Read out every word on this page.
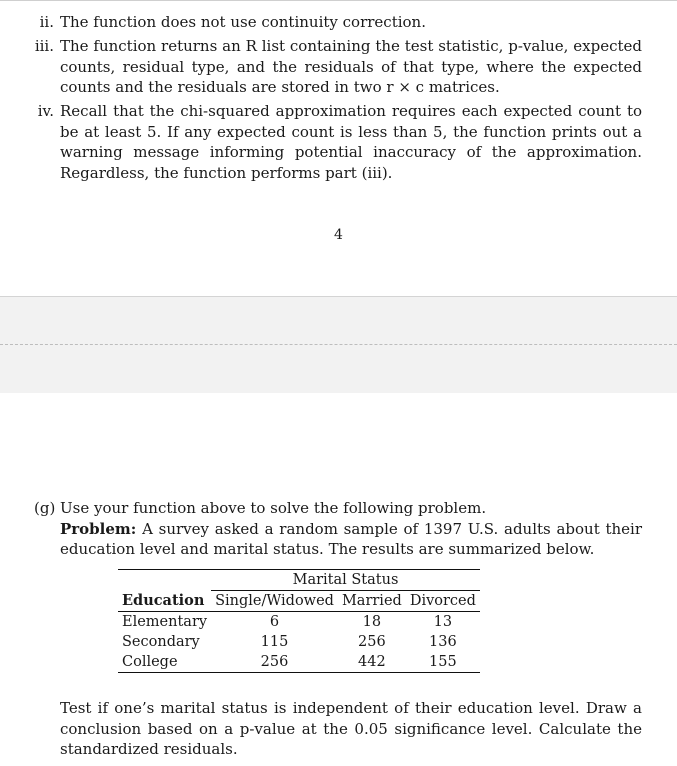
ii. The function does not use continuity correction.
iii. The function returns an R list containing the test statistic, p-value, expected counts, residual type, and the residuals of that type, where the expected counts and the residuals are stored in two r × c matrices.
iv. Recall that the chi-squared approximation requires each expected count to be at least 5. If any expected count is less than 5, the function prints out a warning message informing potential inaccuracy of the approximation. Regardless, the function performs part (iii).
4
(g) Use your function above to solve the following problem.
Problem: A survey asked a random sample of 1397 U.S. adults about their education level and marital status. The results are summarized below.
	Marital Status		
Education	Single/Widowed	Married	Divorced
Elementary	6	18	13
Secondary	115	256	136
College	256	442	155
Test if one’s marital status is independent of their education level. Draw a conclusion based on a p-value at the 0.05 significance level. Calculate the standardized residuals.
